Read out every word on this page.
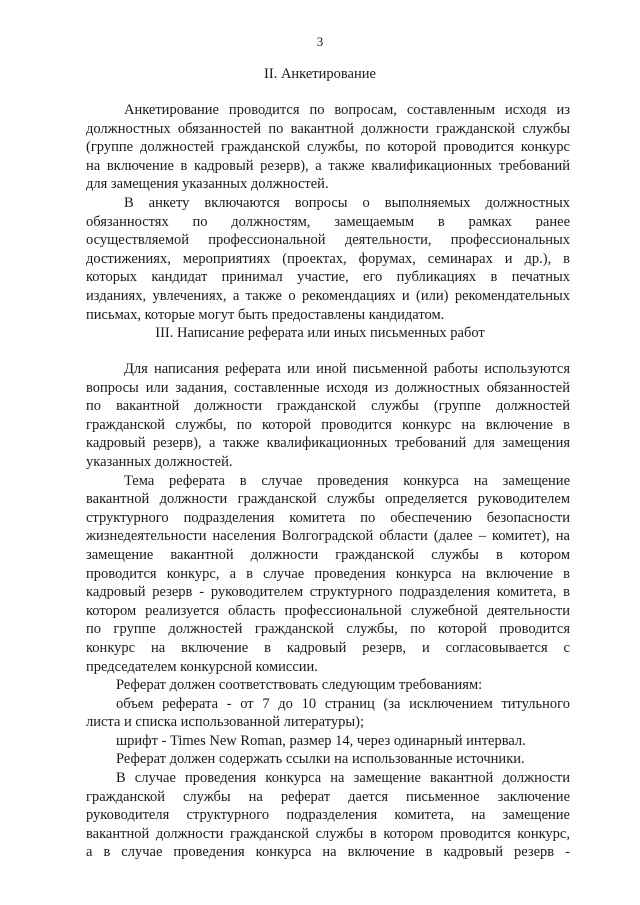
3
II. Анкетирование
Анкетирование проводится по вопросам, составленным исходя из
должностных обязанностей по вакантной должности гражданской службы
(группе должностей гражданской службы, по которой проводится конкурс
на включение в кадровый резерв), а также квалификационных требований
для замещения указанных должностей.
В анкету включаются вопросы о выполняемых должностных
обязанностях по должностям, замещаемым в рамках ранее
осуществляемой профессиональной деятельности, профессиональных
достижениях, мероприятиях (проектах, форумах, семинарах и др.), в
которых кандидат принимал участие, его публикациях в печатных
изданиях, увлечениях, а также о рекомендациях и (или) рекомендательных
письмах, которые могут быть предоставлены кандидатом.
III. Написание реферата или иных письменных работ
Для написания реферата или иной письменной работы используются
вопросы или задания, составленные исходя из должностных обязанностей
по вакантной должности гражданской службы (группе должностей
гражданской службы, по которой проводится конкурс на включение в
кадровый резерв), а также квалификационных требований для замещения
указанных должностей.
Тема реферата в случае проведения конкурса на замещение
вакантной должности гражданской службы определяется руководителем
структурного подразделения комитета по обеспечению безопасности
жизнедеятельности населения Волгоградской области (далее – комитет), на
замещение вакантной должности гражданской службы в котором
проводится конкурс, а в случае проведения конкурса на включение в
кадровый резерв - руководителем структурного подразделения комитета, в
котором реализуется область профессиональной служебной деятельности
по группе должностей гражданской службы, по которой проводится
конкурс на включение в кадровый резерв, и согласовывается с
председателем конкурсной комиссии.
Реферат должен соответствовать следующим требованиям:
объем реферата - от 7 до 10 страниц (за исключением титульного
листа и списка использованной литературы);
шрифт - Times New Roman, размер 14, через одинарный интервал.
Реферат должен содержать ссылки на использованные источники.
В случае проведения конкурса на замещение вакантной должности
гражданской службы на реферат дается письменное заключение
руководителя структурного подразделения комитета, на замещение
вакантной должности гражданской службы в котором проводится конкурс,
а в случае проведения конкурса на включение в кадровый резерв -
